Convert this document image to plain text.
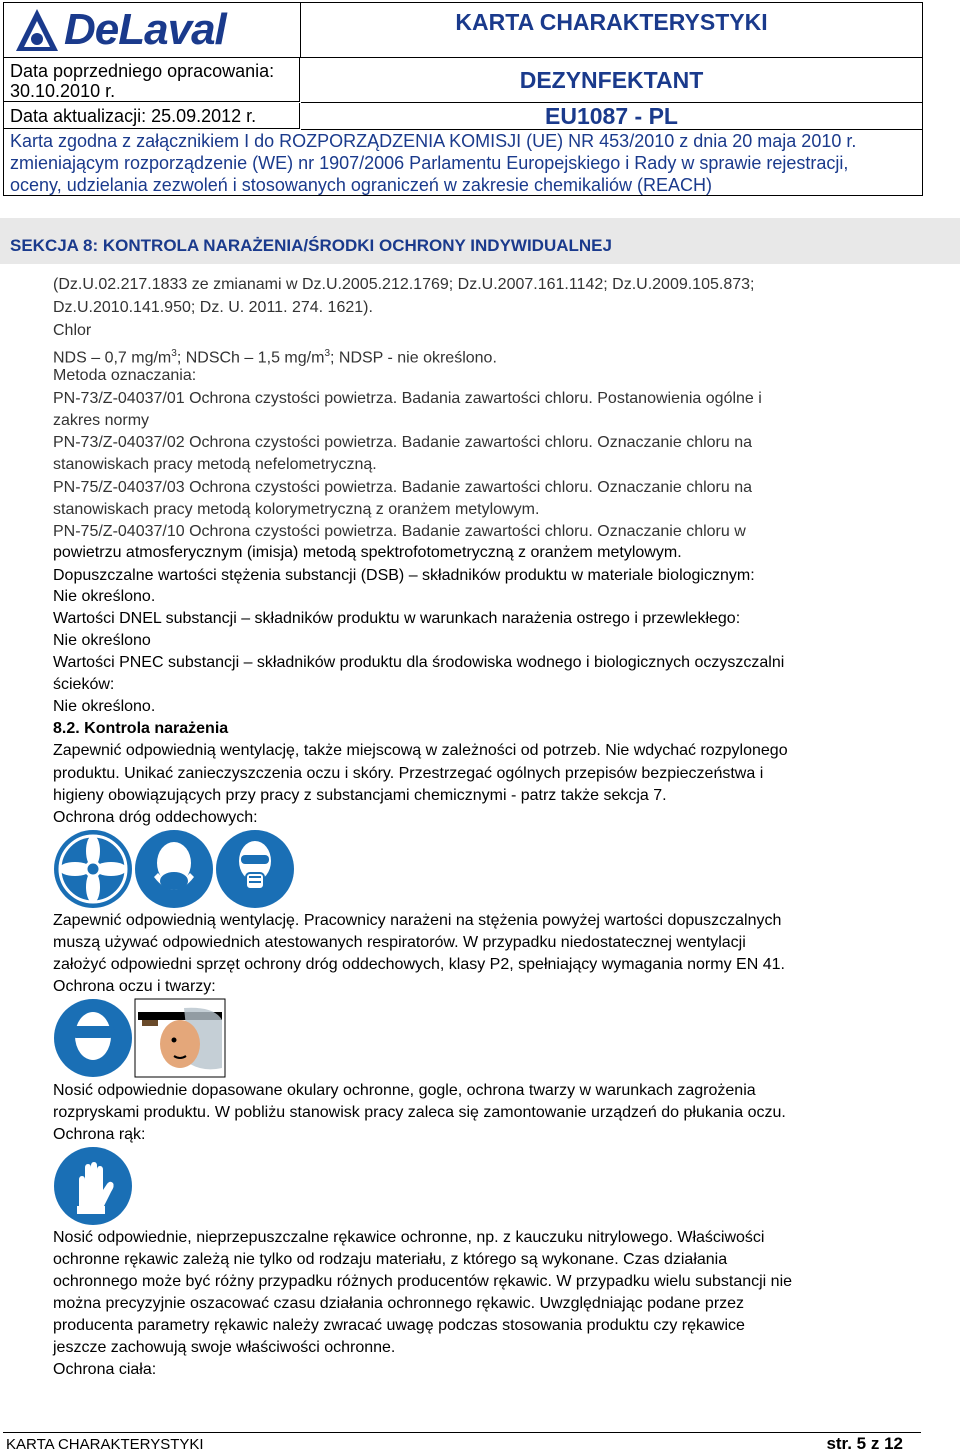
DeLaval	KARTA CHARAKTERYSTYKI
Data poprzedniego opracowania:
30.10.2010 r.	DEZYNFEKTANT
Data aktualizacji: 25.09.2012 r.	EU1087 - PL
Karta zgodna z załącznikiem I do ROZPORZĄDZENIA KOMISJI (UE) NR 453/2010 z dnia 20 maja 2010 r.
zmieniającym rozporządzenie (WE) nr 1907/2006 Parlamentu Europejskiego i Rady w sprawie rejestracji,
oceny, udzielania zezwoleń i stosowanych ograniczeń w zakresie chemikaliów (REACH)
SEKCJA 8: KONTROLA NARAŻENIA/ŚRODKI OCHRONY INDYWIDUALNEJ
(Dz.U.02.217.1833 ze zmianami w Dz.U.2005.212.1769; Dz.U.2007.161.1142; Dz.U.2009.105.873;
Dz.U.2010.141.950; Dz. U. 2011. 274. 1621).
Chlor
NDS – 0,7 $mg/m^3$; NDSCh – 1,5 $mg/m^3$; NDSP - nie określono.
Metoda oznaczania:
PN-73/Z-04037/01 Ochrona czystości powietrza. Badania zawartości chloru. Postanowienia ogólne i
zakres normy
PN-73/Z-04037/02 Ochrona czystości powietrza. Badanie zawartości chloru. Oznaczanie chloru na
stanowiskach pracy metodą nefelometryczną.
PN-75/Z-04037/03 Ochrona czystości powietrza. Badanie zawartości chloru. Oznaczanie chloru na
stanowiskach pracy metodą kolorymetryczną z oranżem metylowym.
PN-75/Z-04037/10 Ochrona czystości powietrza. Badanie zawartości chloru. Oznaczanie chloru w
powietrzu atmosferycznym (imisja) metodą spektrofotometryczną z oranżem metylowym.
Dopuszczalne wartości stężenia substancji (DSB) – składników produktu w materiale biologicznym:
Nie określono.
Wartości DNEL substancji – składników produktu w warunkach narażenia ostrego i przewlekłego:
Nie określono
Wartości PNEC substancji – składników produktu dla środowiska wodnego i biologicznych oczyszczalni
ścieków:
Nie określono.
8.2. Kontrola narażenia
Zapewnić odpowiednią wentylację, także miejscową w zależności od potrzeb. Nie wdychać rozpylonego
produktu. Unikać zanieczyszczenia oczu i skóry. Przestrzegać ogólnych przepisów bezpieczeństwa i
higieny obowiązujących przy pracy z substancjami chemicznymi - patrz także sekcja 7.
Ochrona dróg oddechowych:
Zapewnić odpowiednią wentylację. Pracownicy narażeni na stężenia powyżej wartości dopuszczalnych
muszą używać odpowiednich atestowanych respiratorów. W przypadku niedostatecznej wentylacji
założyć odpowiedni sprzęt ochrony dróg oddechowych, klasy P2, spełniający wymagania normy EN 41.
Ochrona oczu i twarzy:
Nosić odpowiednie dopasowane okulary ochronne, gogle, ochrona twarzy w warunkach zagrożenia
rozpryskami produktu. W pobliżu stanowisk pracy zaleca się zamontowanie urządzeń do płukania oczu.
Ochrona rąk:
Nosić odpowiednie, nieprzepuszczalne rękawice ochronne, np. z kauczuku nitrylowego. Właściwości
ochronne rękawic zależą nie tylko od rodzaju materiału, z którego są wykonane. Czas działania
ochronnego może być różny przypadku różnych producentów rękawic. W przypadku wielu substancji nie
można precyzyjnie oszacować czasu działania ochronnego rękawic. Uwzględniając podane przez
producenta parametry rękawic należy zwracać uwagę podczas stosowania produktu czy rękawice
jeszcze zachowują swoje właściwości ochronne.
Ochrona ciała:
KARTA CHARAKTERYSTYKI	str. 5 z 12
